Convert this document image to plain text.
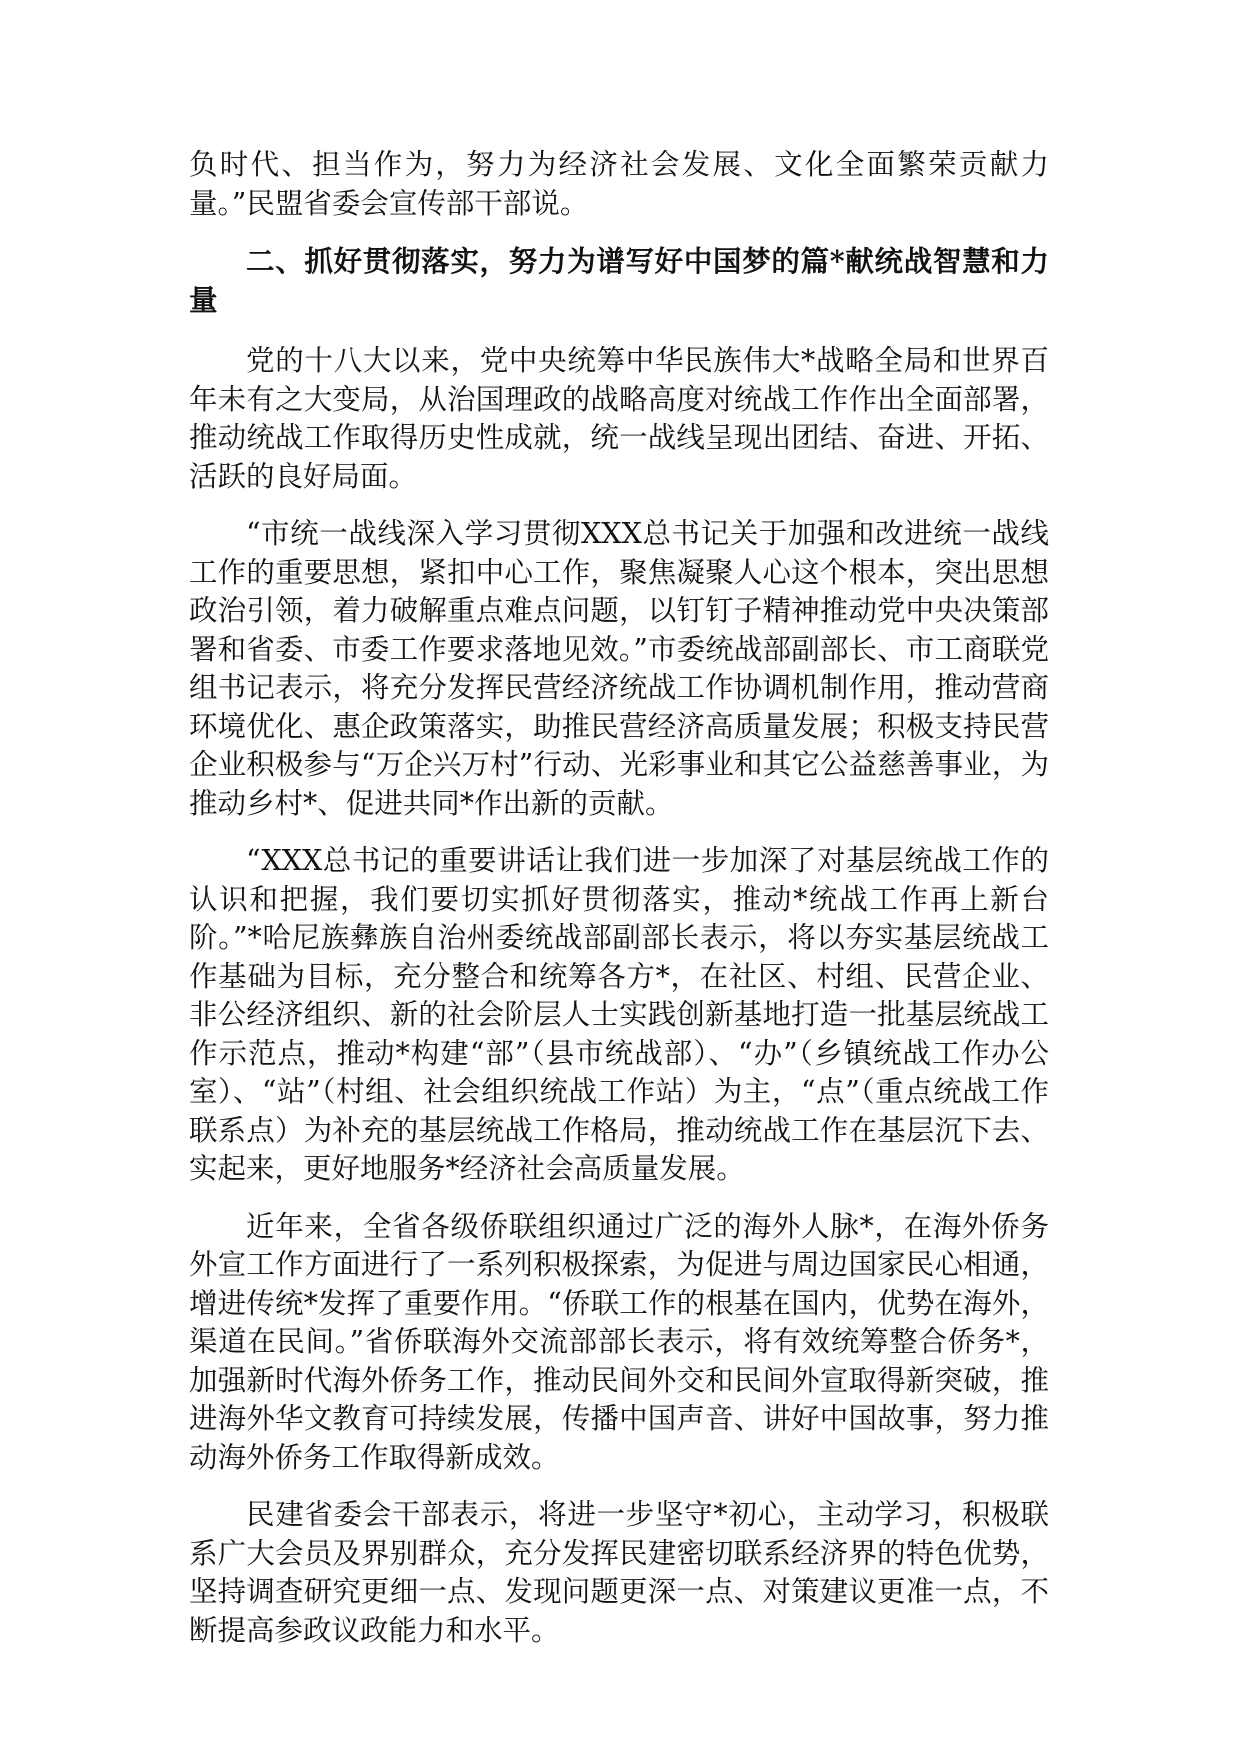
负时代、担当作为，努力为经济社会发展、文化全面繁荣贡献力量。”民盟省委会宣传部干部说。

二、抓好贯彻落实，努力为谱写好中国梦的篇*献统战智慧和力量

党的十八大以来，党中央统筹中华民族伟大*战略全局和世界百年未有之大变局，从治国理政的战略高度对统战工作作出全面部署，推动统战工作取得历史性成就，统一战线呈现出团结、奋进、开拓、活跃的良好局面。

“市统一战线深入学习贯彻XXX总书记关于加强和改进统一战线工作的重要思想，紧扣中心工作，聚焦凝聚人心这个根本，突出思想政治引领，着力破解重点难点问题，以钉钉子精神推动党中央决策部署和省委、市委工作要求落地见效。”市委统战部副部长、市工商联党组书记表示，将充分发挥民营经济统战工作协调机制作用，推动营商环境优化、惠企政策落实，助推民营经济高质量发展；积极支持民营企业积极参与“万企兴万村”行动、光彩事业和其它公益慈善事业，为推动乡村*、促进共同*作出新的贡献。

“XXX总书记的重要讲话让我们进一步加深了对基层统战工作的认识和把握，我们要切实抓好贯彻落实，推动*统战工作再上新台阶。”*哈尼族彝族自治州委统战部副部长表示，将以夯实基层统战工作基础为目标，充分整合和统筹各方*，在社区、村组、民营企业、非公经济组织、新的社会阶层人士实践创新基地打造一批基层统战工作示范点，推动*构建“部”（县市统战部）、“办”（乡镇统战工作办公室）、“站”（村组、社会组织统战工作站）为主，“点”（重点统战工作联系点）为补充的基层统战工作格局，推动统战工作在基层沉下去、实起来，更好地服务*经济社会高质量发展。

近年来，全省各级侨联组织通过广泛的海外人脉*，在海外侨务外宣工作方面进行了一系列积极探索，为促进与周边国家民心相通，增进传统*发挥了重要作用。“侨联工作的根基在国内，优势在海外，渠道在民间。”省侨联海外交流部部长表示，将有效统筹整合侨务*，加强新时代海外侨务工作，推动民间外交和民间外宣取得新突破，推进海外华文教育可持续发展，传播中国声音、讲好中国故事，努力推动海外侨务工作取得新成效。

民建省委会干部表示，将进一步坚守*初心，主动学习，积极联系广大会员及界别群众，充分发挥民建密切联系经济界的特色优势，坚持调查研究更细一点、发现问题更深一点、对策建议更准一点，不断提高参政议政能力和水平。
